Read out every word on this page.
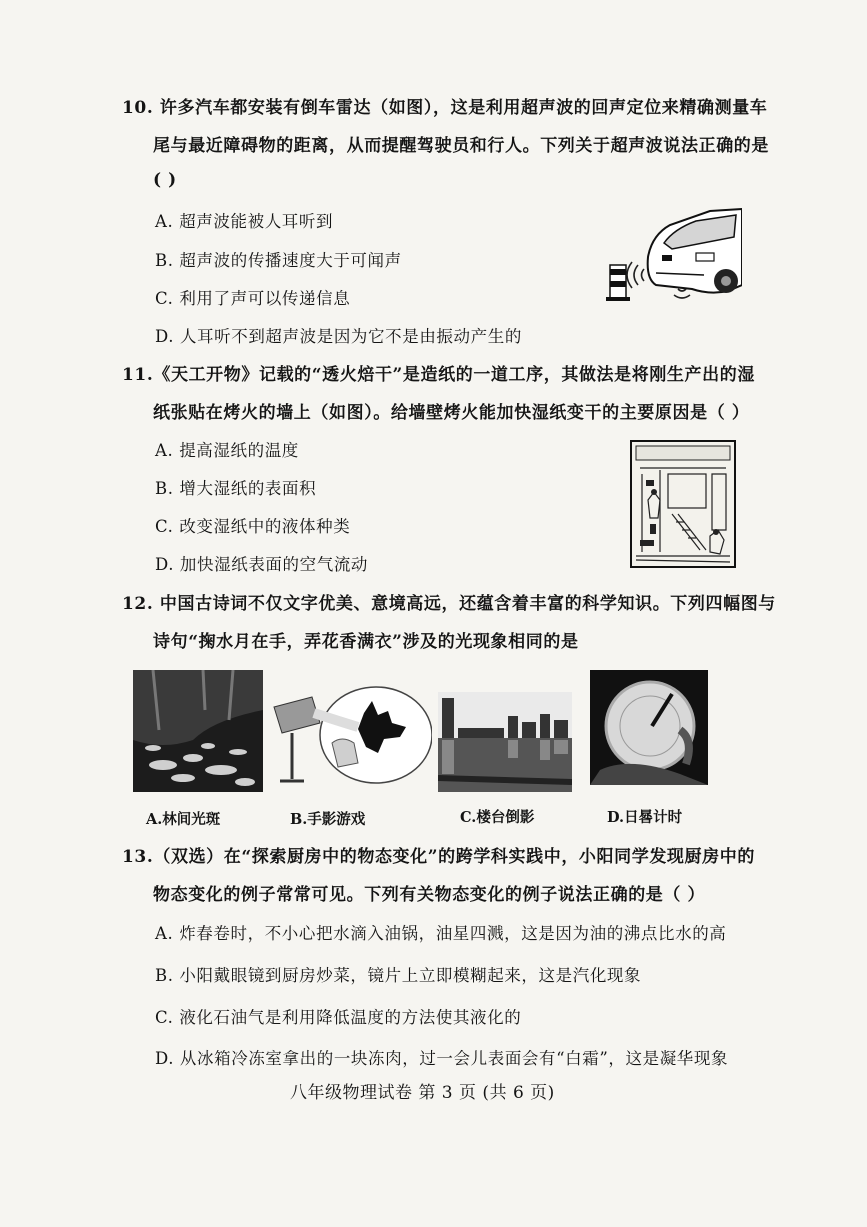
10. 许多汽车都安装有倒车雷达（如图），这是利用超声波的回声定位来精确测量车
尾与最近障碍物的距离，从而提醒驾驶员和行人。下列关于超声波说法正确的是
( )
A. 超声波能被人耳听到
B. 超声波的传播速度大于可闻声
C. 利用了声可以传递信息
D. 人耳听不到超声波是因为它不是由振动产生的
11.《天工开物》记载的“透火焙干”是造纸的一道工序，其做法是将刚生产出的湿
纸张贴在烤火的墙上（如图）。给墙壁烤火能加快湿纸变干的主要原因是（ ）
A. 提高湿纸的温度
B. 增大湿纸的表面积
C. 改变湿纸中的液体种类
D. 加快湿纸表面的空气流动
12. 中国古诗词不仅文字优美、意境高远，还蕴含着丰富的科学知识。下列四幅图与
诗句“掬水月在手，弄花香满衣”涉及的光现象相同的是
A.林间光斑	B.手影游戏	C.楼台倒影	D.日晷计时
13.（双选）在“探索厨房中的物态变化”的跨学科实践中，小阳同学发现厨房中的
物态变化的例子常常可见。下列有关物态变化的例子说法正确的是（ ）
A. 炸春卷时，不小心把水滴入油锅，油星四溅，这是因为油的沸点比水的高
B. 小阳戴眼镜到厨房炒菜，镜片上立即模糊起来，这是汽化现象
C. 液化石油气是利用降低温度的方法使其液化的
D. 从冰箱冷冻室拿出的一块冻肉，过一会儿表面会有“白霜”，这是凝华现象
八年级物理试卷 第 3 页 (共 6 页)
